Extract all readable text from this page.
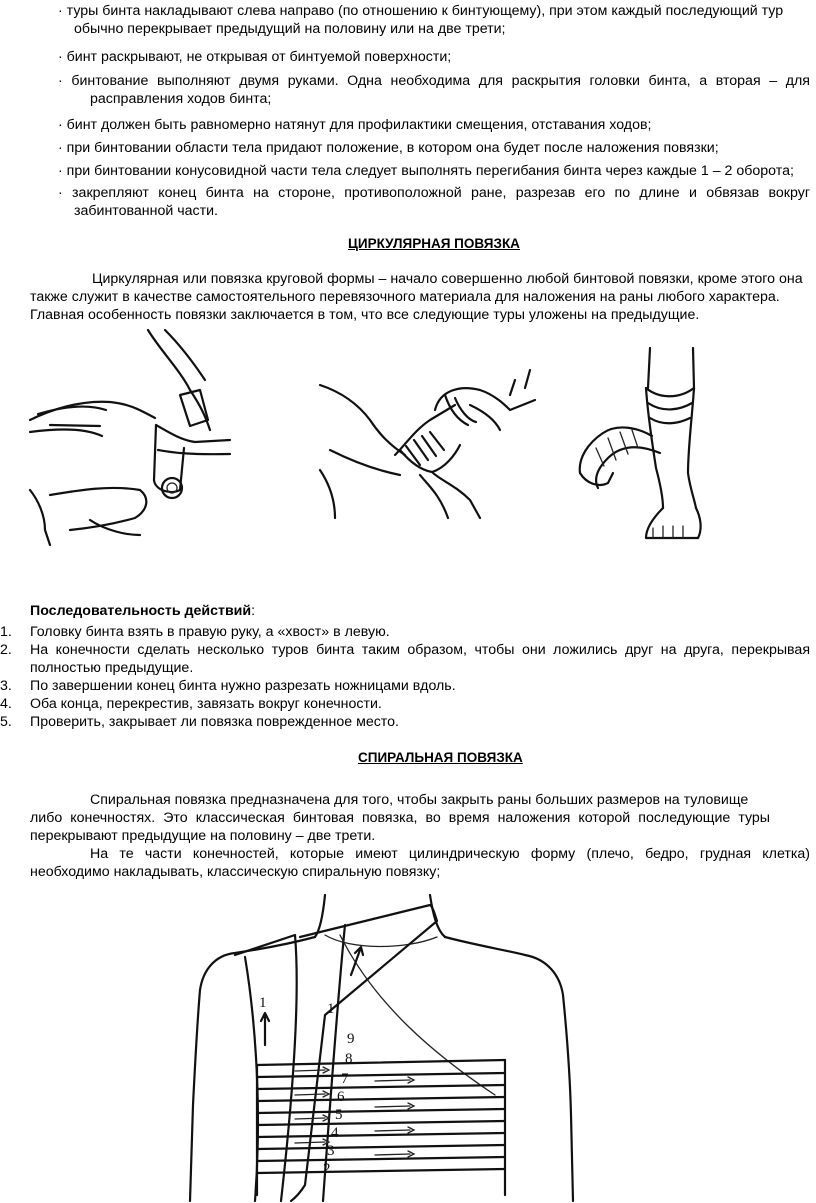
· туры бинта накладывают слева направо (по отношению к бинтующему), при этом каждый последующий тур
обычно перекрывает предыдущий на половину или на две трети;
· бинт раскрывают, не открывая от бинтуемой поверхности;
· бинтование выполняют двумя руками. Одна необходима для раскрытия головки бинта, а вторая – для
расправления ходов бинта;
· бинт должен быть равномерно натянут для профилактики смещения, отставания ходов;
· при бинтовании области тела придают положение, в котором она будет после наложения повязки;
· при бинтовании конусовидной части тела следует выполнять перегибания бинта через каждые 1 – 2 оборота;
· закрепляют конец бинта на стороне, противоположной ране, разрезав его по длине и обвязав вокруг
забинтованной части.
ЦИРКУЛЯРНАЯ ПОВЯЗКА
Циркулярная или повязка круговой формы – начало совершенно любой бинтовой повязки, кроме этого она
также служит в качестве самостоятельного перевязочного материала для наложения на раны любого характера.
Главная особенность повязки заключается в том, что все следующие туры уложены на предыдущие.
Последовательность действий:
1.	Головку бинта взять в правую руку, а «хвост» в левую.
2.	На конечности сделать несколько туров бинта таким образом, чтобы они ложились друг на друга, перекрывая
полностью предыдущие.
3.	По завершении конец бинта нужно разрезать ножницами вдоль.
4.	Оба конца, перекрестив, завязать вокруг конечности.
5.	Проверить, закрывает ли повязка поврежденное место.
СПИРАЛЬНАЯ ПОВЯЗКА
Спиральная повязка предназначена для того, чтобы закрыть раны больших размеров на туловище
либо конечностях. Это классическая бинтовая повязка, во время наложения которой последующие туры
перекрывают предыдущие на половину – две трети.
На те части конечностей, которые имеют цилиндрическую форму (плечо, бедро, грудная клетка)
необходимо накладывать, классическую спиральную повязку;
1	1
9
8
7
6
5
4
3
2
